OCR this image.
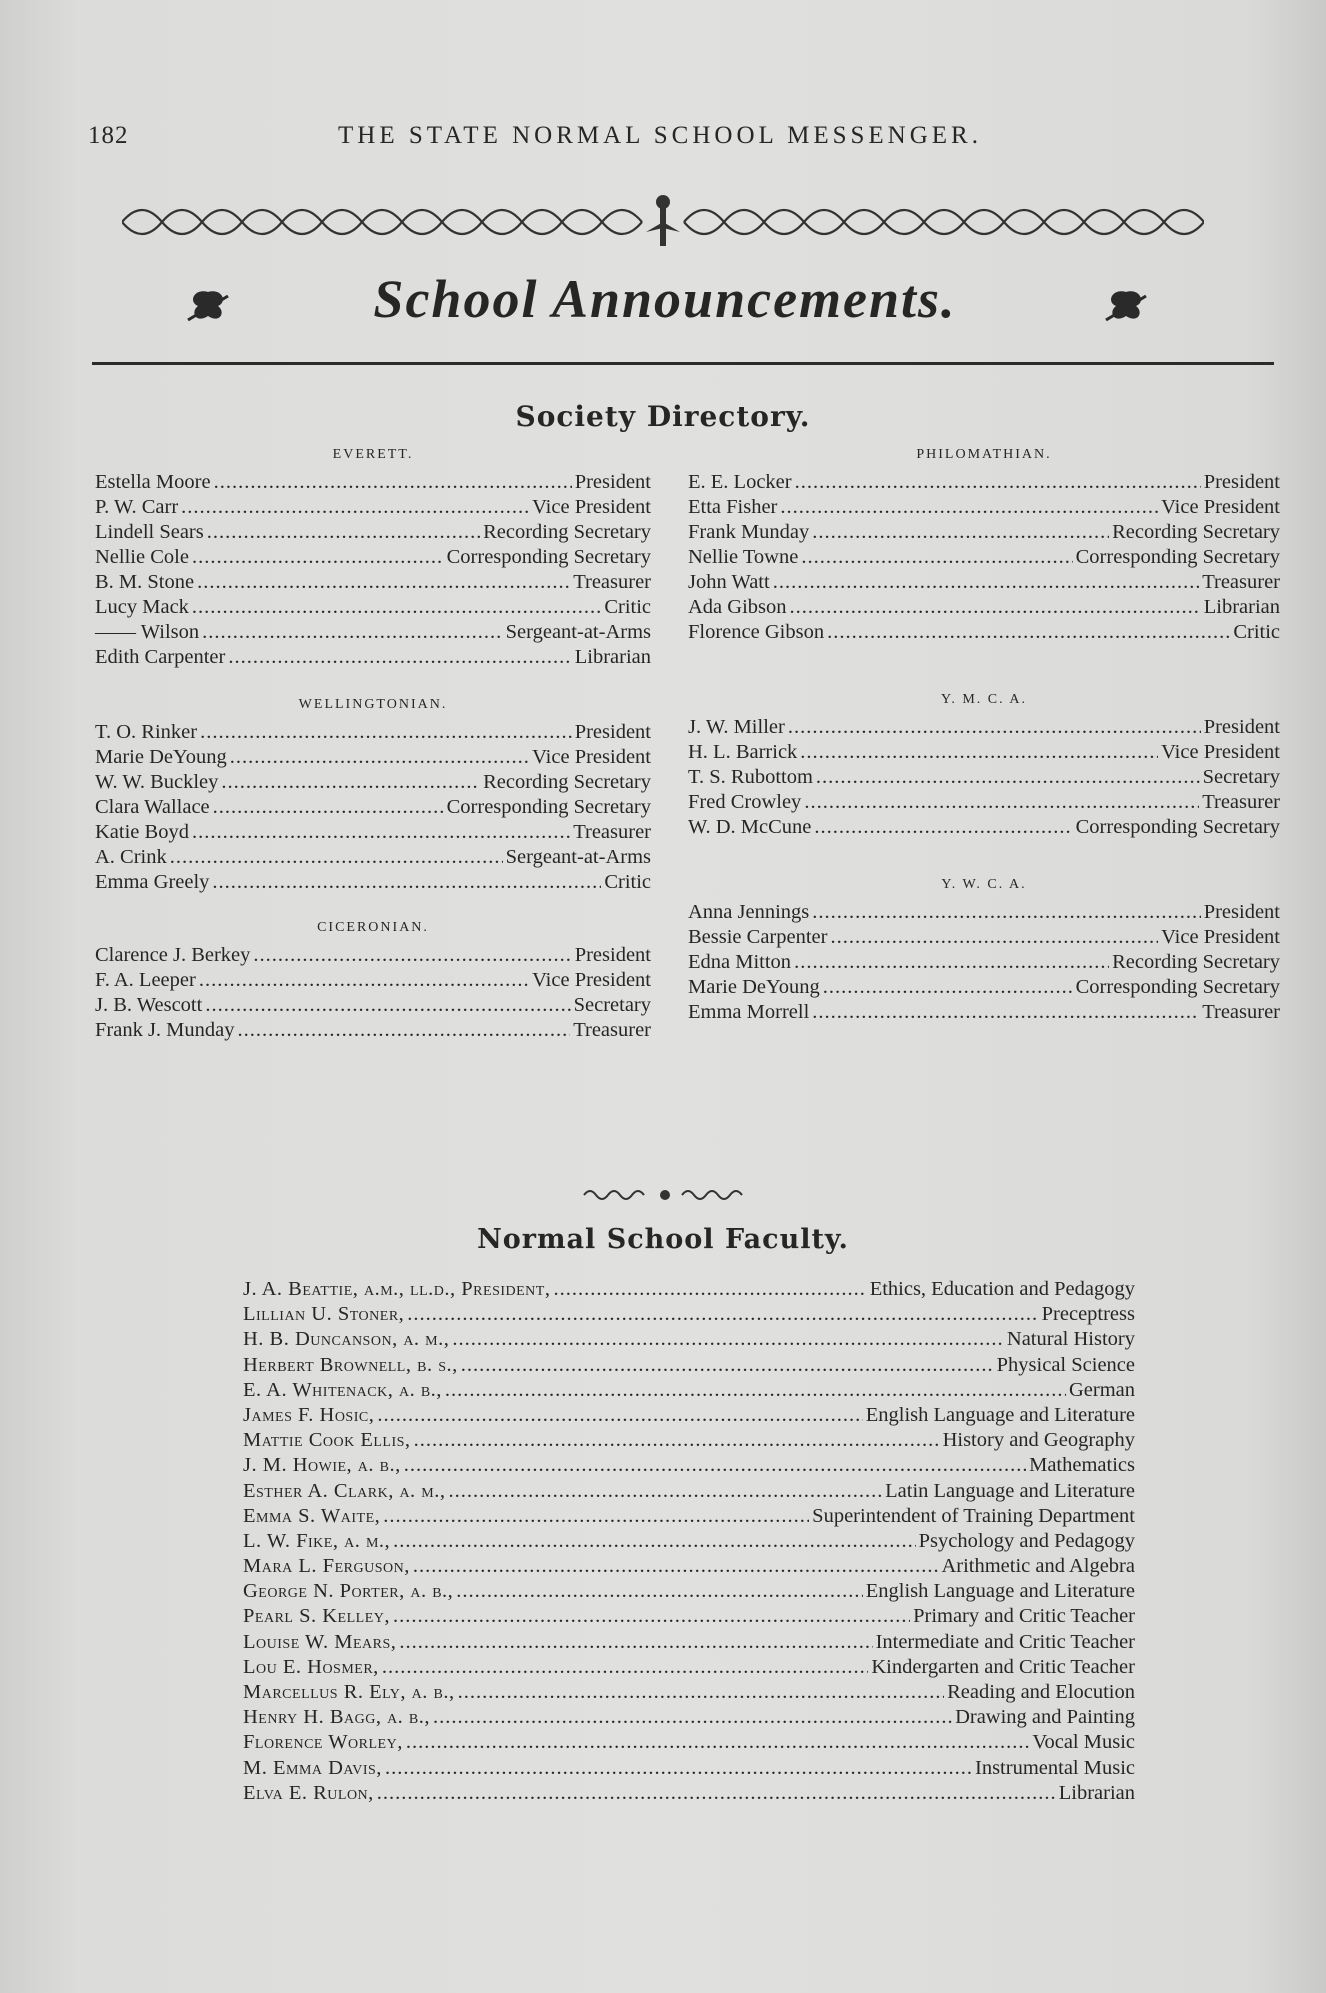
182	THE STATE NORMAL SCHOOL MESSENGER.
School Announcements.
Society Directory.
EVERETT.
Estella Moore .....	President
P. W. Carr .....	Vice President
Lindell Sears .....	Recording Secretary
Nellie Cole .....	Corresponding Secretary
B. M. Stone .....	Treasurer
Lucy Mack .....	Critic
—— Wilson .....	Sergeant-at-Arms
Edith Carpenter .....	Librarian
WELLINGTONIAN.
T. O. Rinker .....	President
Marie DeYoung .....	Vice President
W. W. Buckley .....	Recording Secretary
Clara Wallace .....	Corresponding Secretary
Katie Boyd .....	Treasurer
A. Crink .....	Sergeant-at-Arms
Emma Greely .....	Critic
CICERONIAN.
Clarence J. Berkey .....	President
F. A. Leeper .....	Vice President
J. B. Wescott .....	Secretary
Frank J. Munday .....	Treasurer
PHILOMATHIAN.
E. E. Locker .....	President
Etta Fisher .....	Vice President
Frank Munday .....	Recording Secretary
Nellie Towne .....	Corresponding Secretary
John Watt .....	Treasurer
Ada Gibson .....	Librarian
Florence Gibson .....	Critic
Y. M. C. A.
J. W. Miller .....	President
H. L. Barrick .....	Vice President
T. S. Rubottom .....	Secretary
Fred Crowley .....	Treasurer
W. D. McCune .....	Corresponding Secretary
Y. W. C. A.
Anna Jennings .....	President
Bessie Carpenter .....	Vice President
Edna Mitton .....	Recording Secretary
Marie DeYoung .....	Corresponding Secretary
Emma Morrell .....	Treasurer
Normal School Faculty.
J. A. Beattie, a.m., ll.d., President, .....	Ethics, Education and Pedagogy
Lillian U. Stoner, .....	Preceptress
H. B. Duncanson, a. m., .....	Natural History
Herbert Brownell, b. s., .....	Physical Science
E. A. Whitenack, a. b., .....	German
James F. Hosic, .....	English Language and Literature
Mattie Cook Ellis, .....	History and Geography
J. M. Howie, a. b., .....	Mathematics
Esther A. Clark, a. m., .....	Latin Language and Literature
Emma S. Waite, .....	Superintendent of Training Department
L. W. Fike, a. m., .....	Psychology and Pedagogy
Mara L. Ferguson, .....	Arithmetic and Algebra
George N. Porter, a. b., .....	English Language and Literature
Pearl S. Kelley, .....	Primary and Critic Teacher
Louise W. Mears, .....	Intermediate and Critic Teacher
Lou E. Hosmer, .....	Kindergarten and Critic Teacher
Marcellus R. Ely, a. b., .....	Reading and Elocution
Henry H. Bagg, a. b., .....	Drawing and Painting
Florence Worley, .....	Vocal Music
M. Emma Davis, .....	Instrumental Music
Elva E. Rulon, .....	Librarian
